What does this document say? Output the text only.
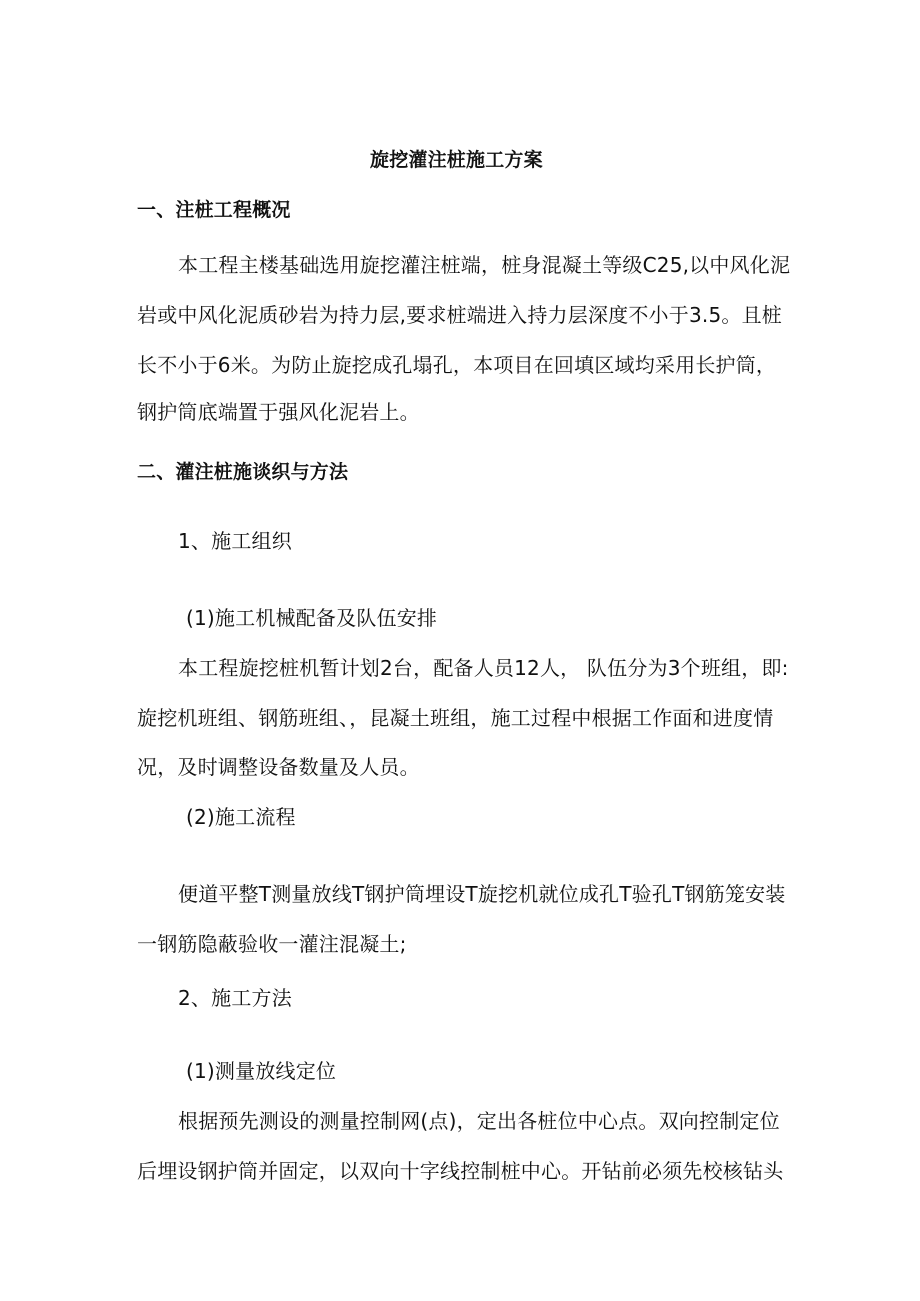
旋挖灌注桩施工方案
一、注桩工程概况
本工程主楼基础选用旋挖灌注桩端，桩身混凝土等级C25,以中风化泥
岩或中风化泥质砂岩为持力层,要求桩端进入持力层深度不小于3.5。且桩
长不小于6米。为防止旋挖成孔塌孔，本项目在回填区域均采用长护筒，
钢护筒底端置于强风化泥岩上。
二、灌注桩施谈织与方法
1、施工组织
(1)施工机械配备及队伍安排
本工程旋挖桩机暂计划2台，配备人员12人， 队伍分为3个班组，即:
旋挖机班组、钢筋班组、，昆凝土班组，施工过程中根据工作面和进度情
况，及时调整设备数量及人员。
(2)施工流程
便道平整T测量放线T钢护筒埋设T旋挖机就位成孔T验孔T钢筋笼安装
一钢筋隐蔽验收一灌注混凝土;
2、施工方法
(1)测量放线定位
根据预先测设的测量控制网(点)，定出各桩位中心点。双向控制定位
后埋设钢护筒并固定，以双向十字线控制桩中心。开钻前必须先校核钻头
